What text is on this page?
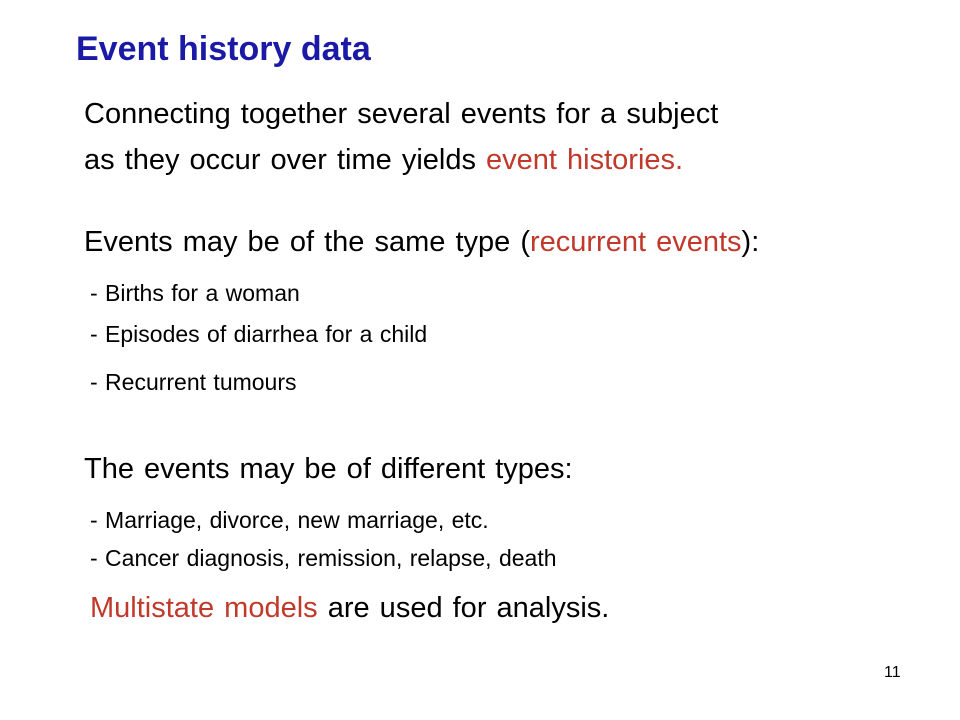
Event history data

Connecting together several events for a subject

as they occur over time yields event histories.

Events may be of the same type (recurrent events):

- Births for a woman

- Episodes of diarrhea for a child

- Recurrent tumours

The events may be of different types:

- Marriage, divorce, new marriage, etc.

- Cancer diagnosis, remission, relapse, death

Multistate models are used for analysis.

11
